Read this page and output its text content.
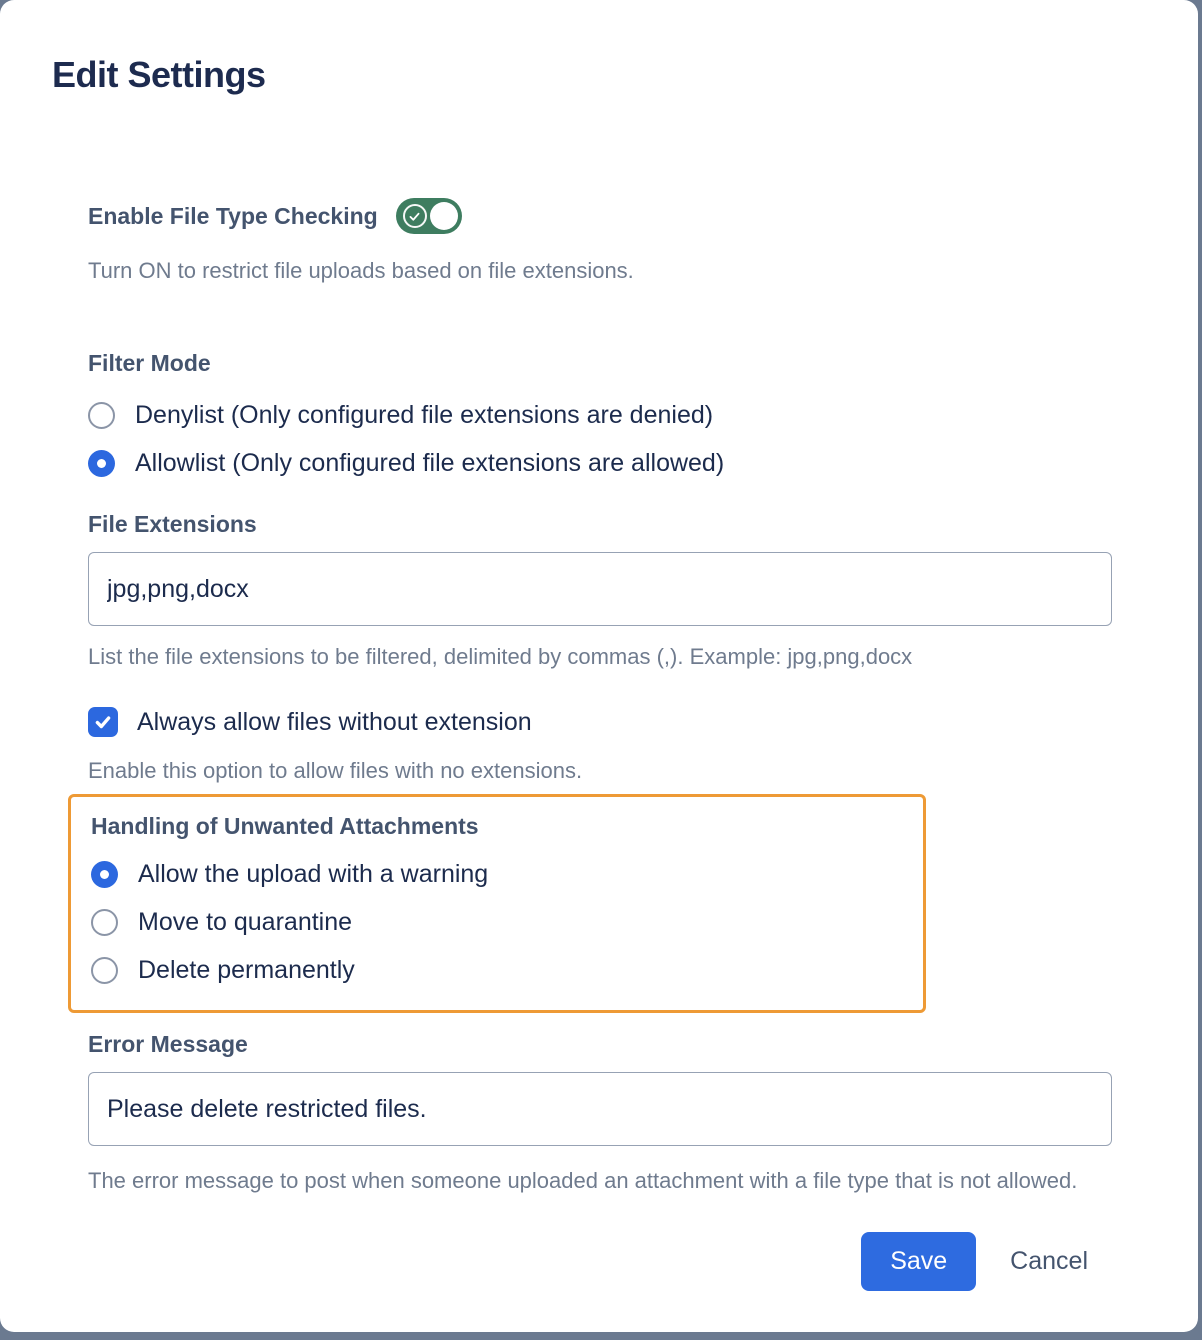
Edit Settings
Enable File Type Checking
Turn ON to restrict file uploads based on file extensions.
Filter Mode
Denylist (Only configured file extensions are denied)
Allowlist (Only configured file extensions are allowed)
File Extensions
jpg,png,docx
List the file extensions to be filtered, delimited by commas (,). Example: jpg,png,docx
Always allow files without extension
Enable this option to allow files with no extensions.
Handling of Unwanted Attachments
Allow the upload with a warning
Move to quarantine
Delete permanently
Error Message
Please delete restricted files.
The error message to post when someone uploaded an attachment with a file type that is not allowed.
Save	Cancel
